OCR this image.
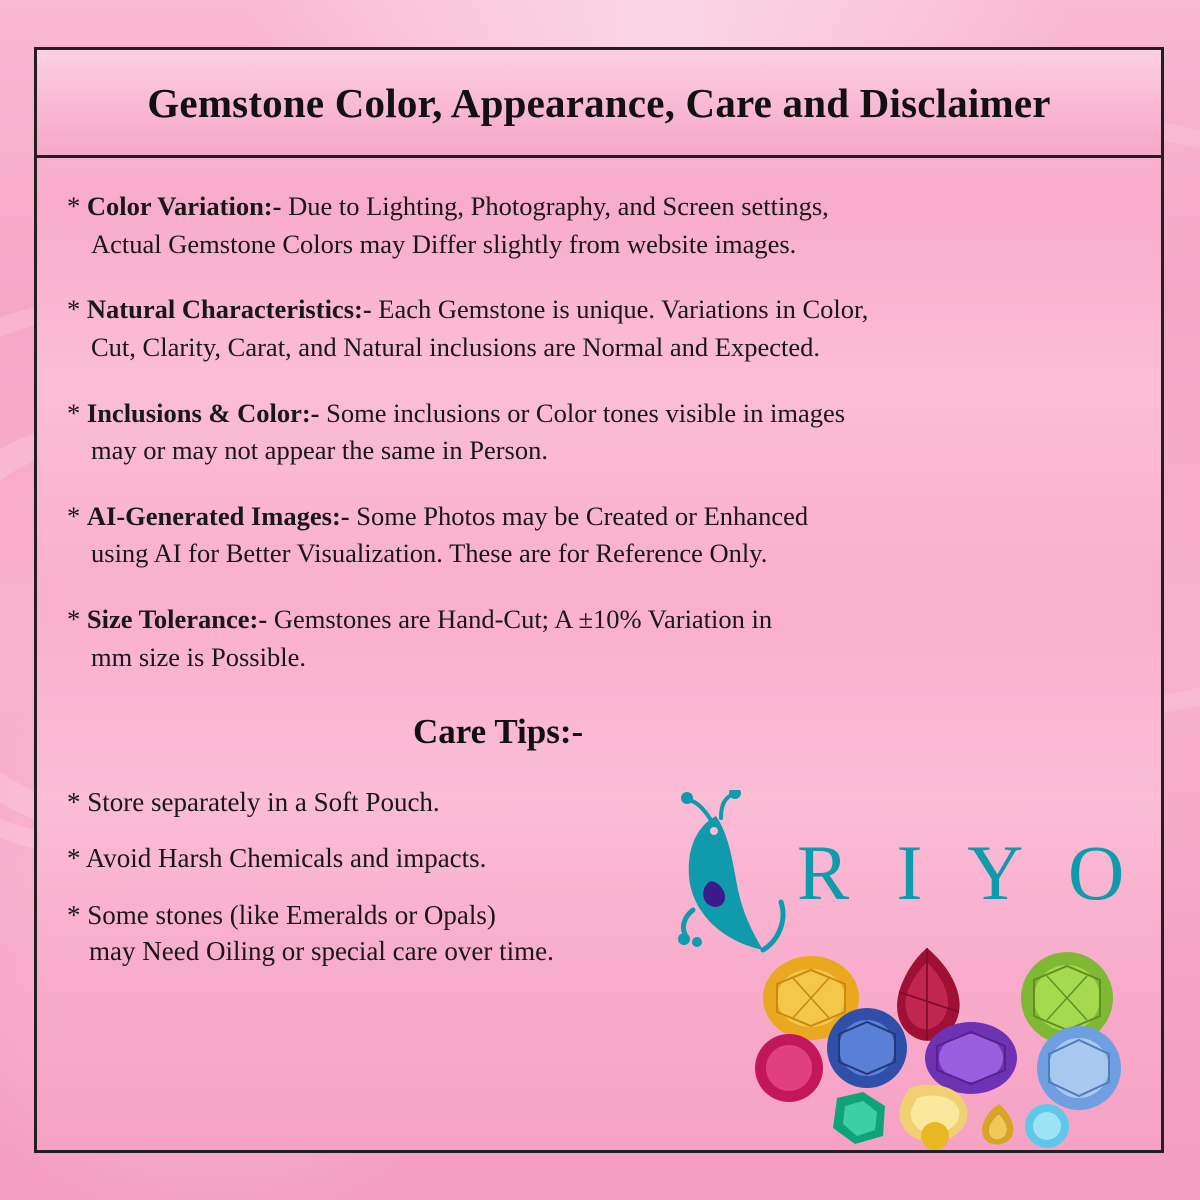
Gemstone Color, Appearance, Care and Disclaimer
* Color Variation:- Due to Lighting, Photography, and Screen settings,
Actual Gemstone Colors may Differ slightly from website images.
* Natural Characteristics:- Each Gemstone is unique. Variations in Color,
Cut, Clarity, Carat, and Natural inclusions are Normal and Expected.
* Inclusions & Color:- Some inclusions or Color tones visible in images
may or may not appear the same in Person.
* AI-Generated Images:- Some Photos may be Created or Enhanced
using AI for Better Visualization. These are for Reference Only.
* Size Tolerance:- Gemstones are Hand-Cut; A ±10% Variation in
mm size is Possible.
Care Tips:-
* Store separately in a Soft Pouch.
* Avoid Harsh Chemicals and impacts.
* Some stones (like Emeralds or Opals)
may Need Oiling or special care over time.
R I Y O
